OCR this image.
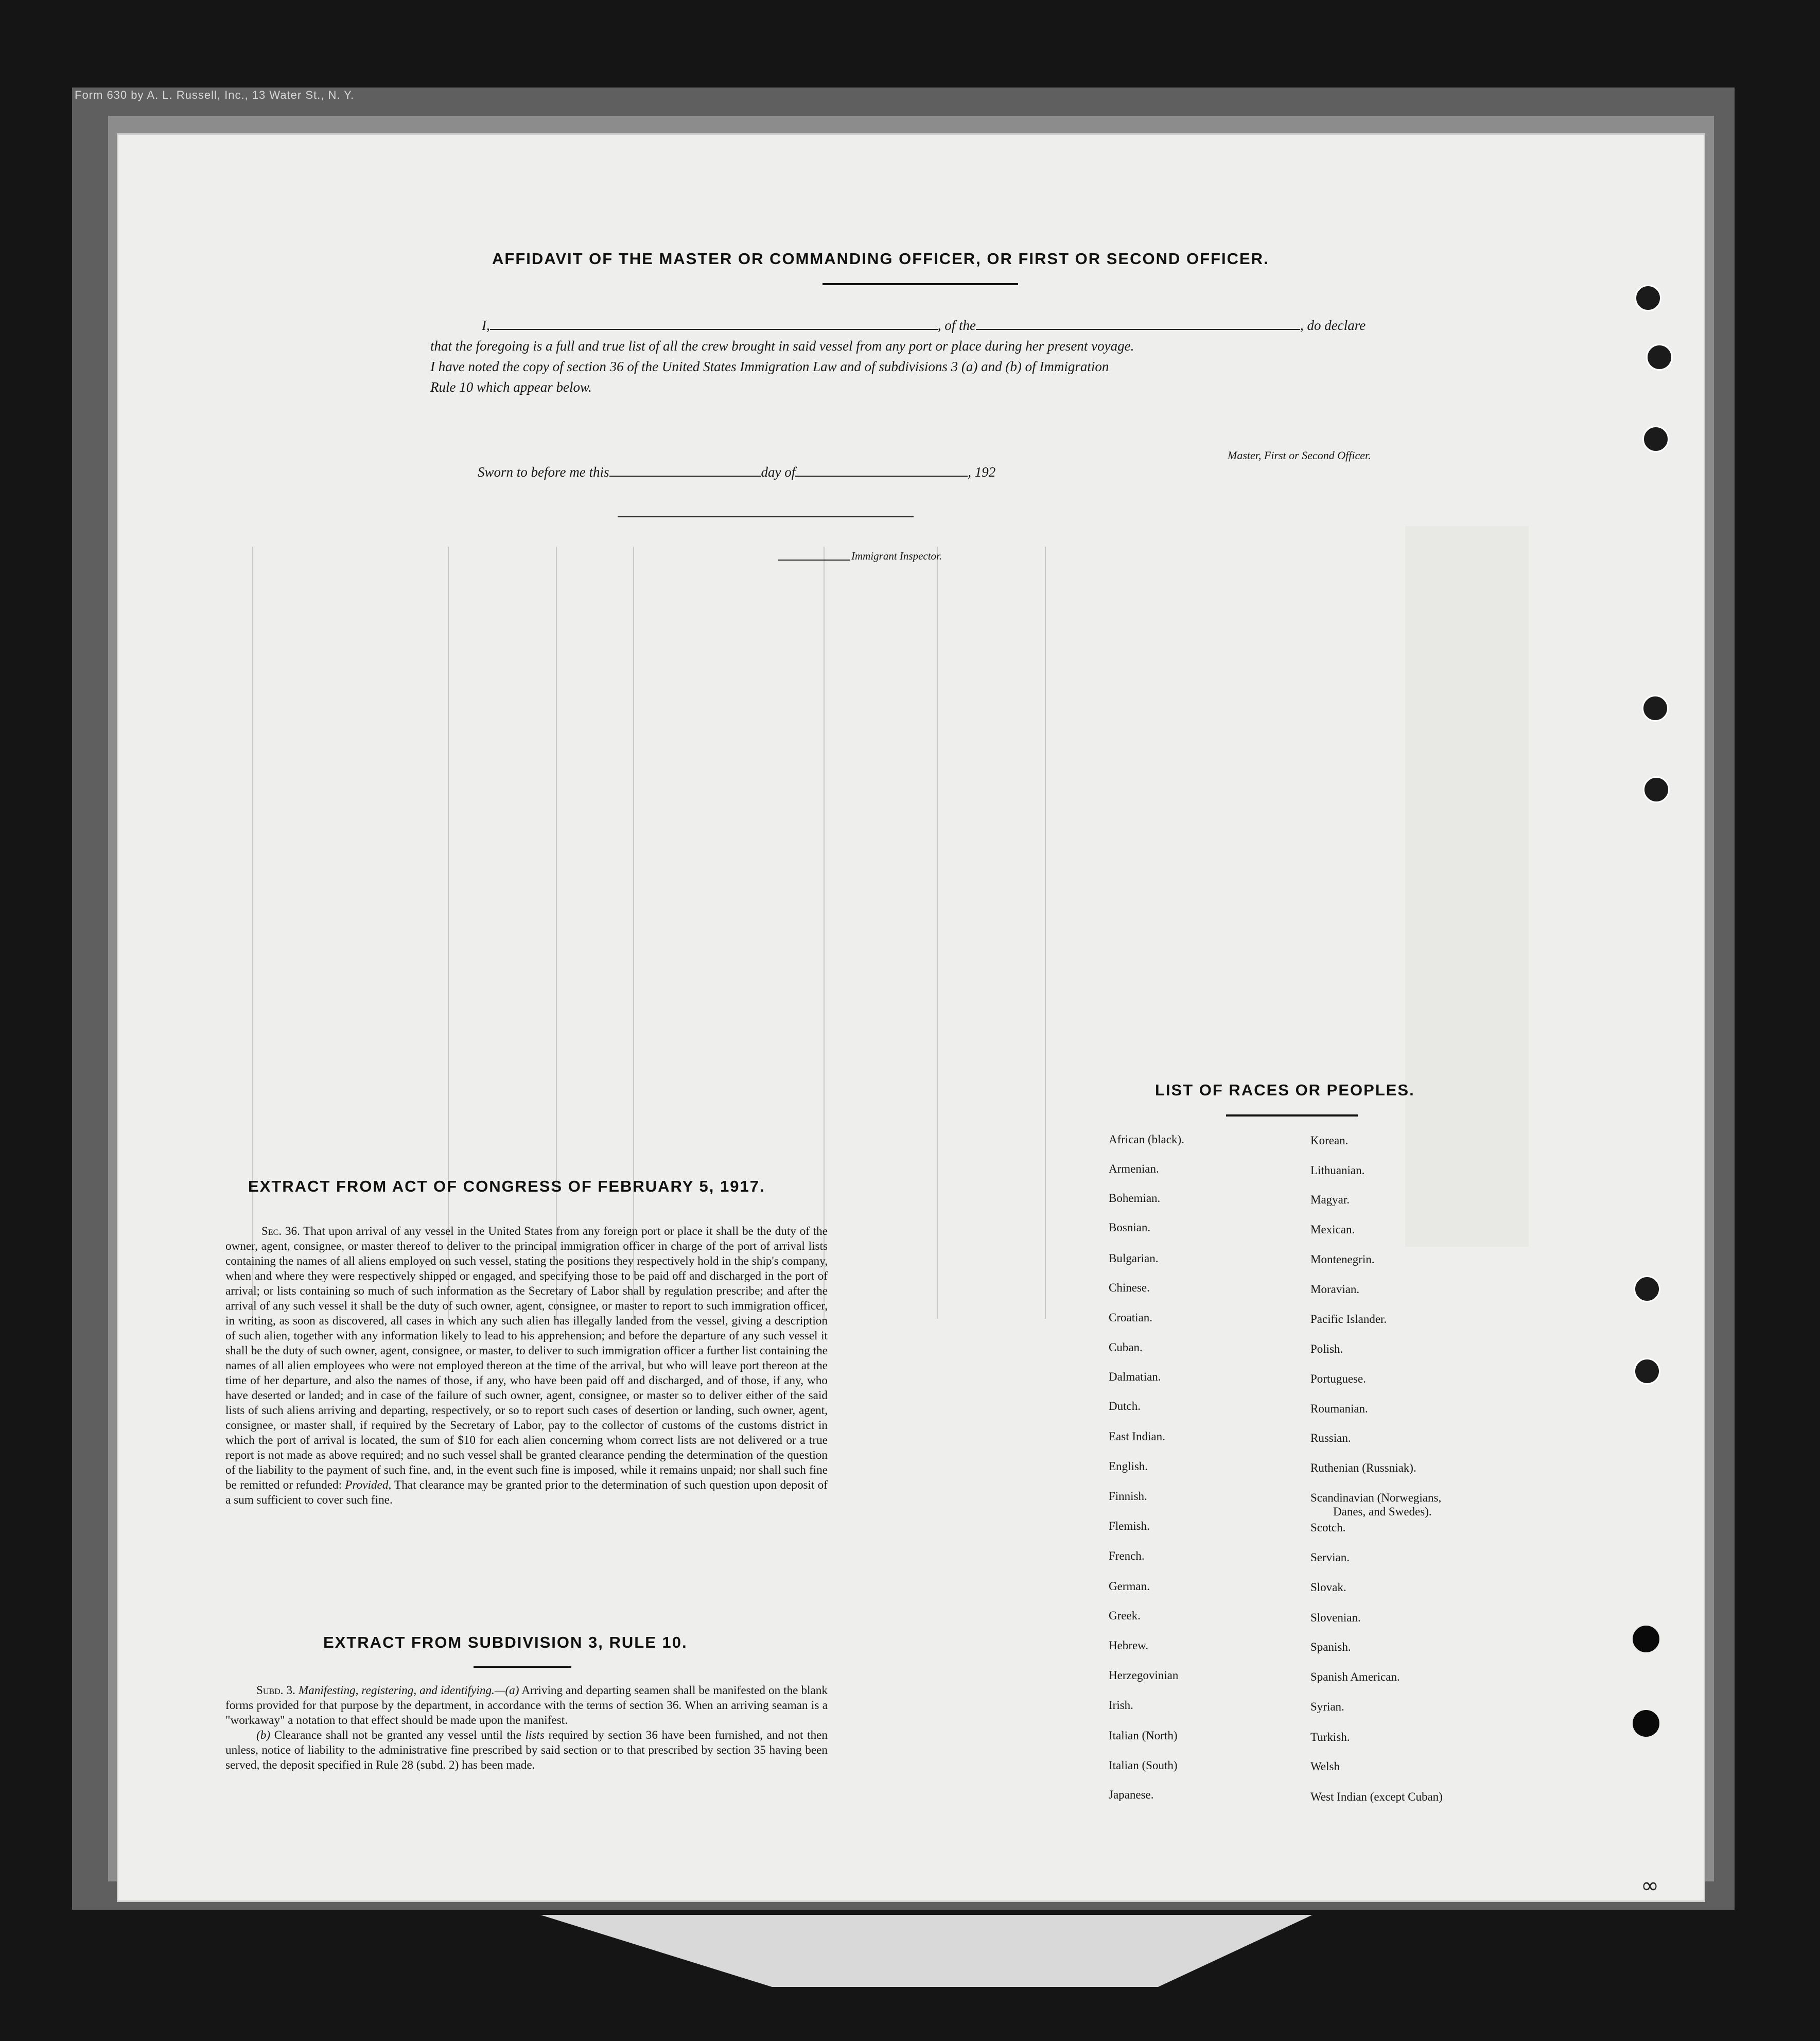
Form 630 by A. L. Russell, Inc., 13 Water St., N. Y.
∞
AFFIDAVIT OF THE MASTER OR COMMANDING OFFICER, OR FIRST OR SECOND OFFICER.
I,	, of the	, do declare
that the foregoing is a full and true list of all the crew brought in said vessel from any port or place during her present voyage.
I have noted the copy of section 36 of the United States Immigration Law and of subdivisions 3 (a) and (b) of Immigration
Rule 10 which appear below.
Master, First or Second Officer.
Sworn to before me this	day of	, 192
Immigrant Inspector.
EXTRACT FROM ACT OF CONGRESS OF FEBRUARY 5, 1917.
Sec. 36. That upon arrival of any vessel in the United States from any foreign port or place it shall be the duty of the owner, agent, consignee, or master thereof to deliver to the principal immigration officer in charge of the port of arrival lists containing the names of all aliens employed on such vessel, stating the positions they respectively hold in the ship's company, when and where they were respectively shipped or engaged, and specifying those to be paid off and discharged in the port of arrival; or lists containing so much of such information as the Secretary of Labor shall by regulation prescribe; and after the arrival of any such vessel it shall be the duty of such owner, agent, consignee, or master to report to such immigration officer, in writing, as soon as discovered, all cases in which any such alien has illegally landed from the vessel, giving a description of such alien, together with any information likely to lead to his apprehension; and before the departure of any such vessel it shall be the duty of such owner, agent, consignee, or master, to deliver to such immigration officer a further list containing the names of all alien employees who were not employed thereon at the time of the arrival, but who will leave port thereon at the time of her departure, and also the names of those, if any, who have been paid off and discharged, and of those, if any, who have deserted or landed; and in case of the failure of such owner, agent, consignee, or master so to deliver either of the said lists of such aliens arriving and departing, respectively, or so to report such cases of desertion or landing, such owner, agent, consignee, or master shall, if required by the Secretary of Labor, pay to the collector of customs of the customs district in which the port of arrival is located, the sum of $10 for each alien concerning whom correct lists are not delivered or a true report is not made as above required; and no such vessel shall be granted clearance pending the determination of the question of the liability to the payment of such fine, and, in the event such fine is imposed, while it remains unpaid; nor shall such fine be remitted or refunded: Provided, That clearance may be granted prior to the determination of such question upon deposit of a sum sufficient to cover such fine.
EXTRACT FROM SUBDIVISION 3, RULE 10.
Subd. 3. Manifesting, registering, and identifying.—(a) Arriving and departing seamen shall be manifested on the blank forms provided for that purpose by the department, in accordance with the terms of section 36. When an arriving seaman is a "workaway" a notation to that effect should be made upon the manifest.
(b) Clearance shall not be granted any vessel until the lists required by section 36 have been furnished, and not then unless, notice of liability to the administrative fine prescribed by said section or to that prescribed by section 35 having been served, the deposit specified in Rule 28 (subd. 2) has been made.
LIST OF RACES OR PEOPLES.
African (black).
Armenian.
Bohemian.
Bosnian.
Bulgarian.
Chinese.
Croatian.
Cuban.
Dalmatian.
Dutch.
East Indian.
English.
Finnish.
Flemish.
French.
German.
Greek.
Hebrew.
Herzegovinian
Irish.
Italian (North)
Italian (South)
Japanese.
Korean.
Lithuanian.
Magyar.
Mexican.
Montenegrin.
Moravian.
Pacific Islander.
Polish.
Portuguese.
Roumanian.
Russian.
Ruthenian (Russniak).
Scandinavian (Norwegians,
Danes, and Swedes).
Scotch.
Servian.
Slovak.
Slovenian.
Spanish.
Spanish American.
Syrian.
Turkish.
Welsh
West Indian (except Cuban)
